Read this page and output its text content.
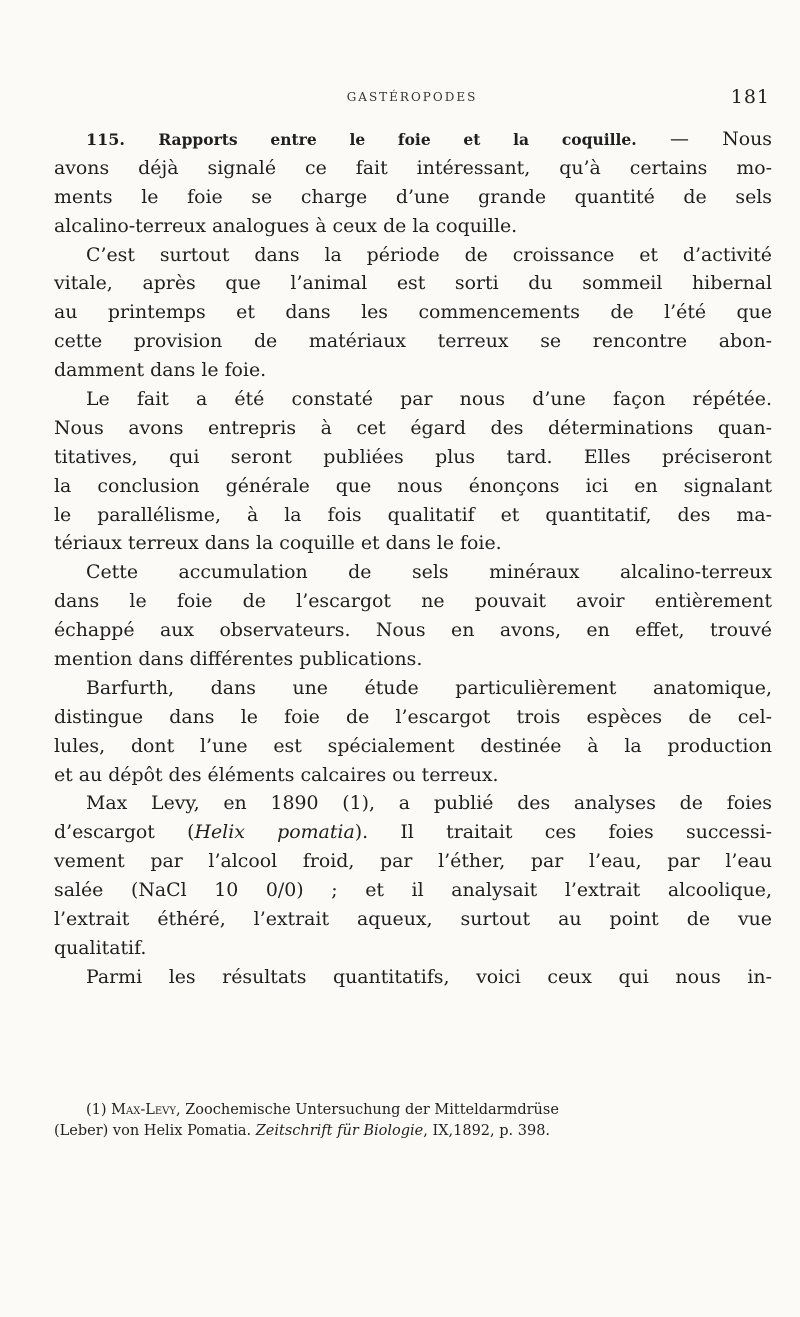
GASTÉROPODES	181
115. Rapports entre le foie et la coquille. — Nous
avons déjà signalé ce fait intéressant, qu’à certains mo-
ments le foie se charge d’une grande quantité de sels
alcalino-terreux analogues à ceux de la coquille.
C’est surtout dans la période de croissance et d’activité
vitale, après que l’animal est sorti du sommeil hibernal
au printemps et dans les commencements de l’été que
cette provision de matériaux terreux se rencontre abon-
damment dans le foie.
Le fait a été constaté par nous d’une façon répétée.
Nous avons entrepris à cet égard des déterminations quan-
titatives, qui seront publiées plus tard. Elles préciseront
la conclusion générale que nous énonçons ici en signalant
le parallélisme, à la fois qualitatif et quantitatif, des ma-
tériaux terreux dans la coquille et dans le foie.
Cette accumulation de sels minéraux alcalino-terreux
dans le foie de l’escargot ne pouvait avoir entièrement
échappé aux observateurs. Nous en avons, en effet, trouvé
mention dans différentes publications.
Barfurth, dans une étude particulièrement anatomique,
distingue dans le foie de l’escargot trois espèces de cel-
lules, dont l’une est spécialement destinée à la production
et au dépôt des éléments calcaires ou terreux.
Max Levy, en 1890 (1), a publié des analyses de foies
d’escargot (Helix pomatia). Il traitait ces foies successi-
vement par l’alcool froid, par l’éther, par l’eau, par l’eau
salée (NaCl 10 0/0) ; et il analysait l’extrait alcoolique,
l’extrait éthéré, l’extrait aqueux, surtout au point de vue
qualitatif.
Parmi les résultats quantitatifs, voici ceux qui nous in-
(1) Max-Levy, Zoochemische Untersuchung der Mitteldarmdrüse
(Leber) von Helix Pomatia. Zeitschrift für Biologie, IX,1892, p. 398.
